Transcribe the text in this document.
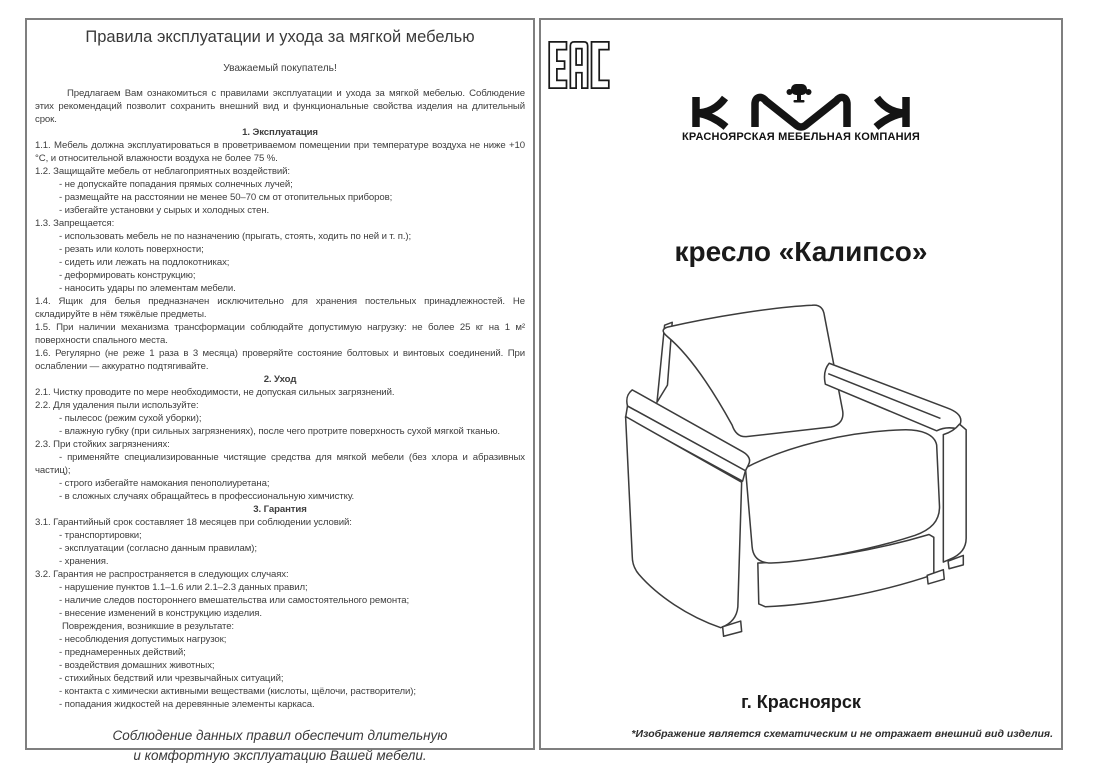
Правила эксплуатации и ухода за мягкой мебелью
Уважаемый покупатель!
Предлагаем Вам ознакомиться с правилами эксплуатации и ухода за мягкой мебелью. Соблюдение этих рекомендаций позволит сохранить внешний вид и функциональные свойства изделия на длительный срок.

1. Эксплуатация

1.1. Мебель должна эксплуатироваться в проветриваемом помещении при температуре воздуха не ниже +10 °С, и относительной влажности воздуха не более 75 %.

1.2. Защищайте мебель от неблагоприятных воздействий:

- не допускайте попадания прямых солнечных лучей;

- размещайте на расстоянии не менее 50–70 см от отопительных приборов;

- избегайте установки у сырых и холодных стен.

1.3. Запрещается:

- использовать мебель не по назначению (прыгать, стоять, ходить по ней и т. п.);

- резать или колоть поверхности;

- сидеть или лежать на подлокотниках;

- деформировать конструкцию;

- наносить удары по элементам мебели.

1.4. Ящик для белья предназначен исключительно для хранения постельных принадлежностей. Не складируйте в нём тяжёлые предметы.

1.5. При наличии механизма трансформации соблюдайте допустимую нагрузку: не более 25 кг на 1 м² поверхности спального места.

1.6. Регулярно (не реже 1 раза в 3 месяца) проверяйте состояние болтовых и винтовых соединений. При ослаблении — аккуратно подтягивайте.

2. Уход

2.1. Чистку проводите по мере необходимости, не допуская сильных загрязнений.

2.2. Для удаления пыли используйте:

- пылесос (режим сухой уборки);

- влажную губку (при сильных загрязнениях), после чего протрите поверхность сухой мягкой тканью.

2.3. При стойких загрязнениях:

- применяйте специализированные чистящие средства для мягкой мебели (без хлора и абразивных частиц);

- строго избегайте намокания пенополиуретана;

- в сложных случаях обращайтесь в профессиональную химчистку.

3. Гарантия

3.1. Гарантийный срок составляет 18 месяцев при соблюдении условий:

- транспортировки;

- эксплуатации (согласно данным правилам);

- хранения.

3.2. Гарантия не распространяется в следующих случаях:

- нарушение пунктов 1.1–1.6 или 2.1–2.3 данных правил;

- наличие следов постороннего вмешательства или самостоятельного ремонта;

- внесение изменений в конструкцию изделия.

Повреждения, возникшие в результате:

- несоблюдения допустимых нагрузок;

- преднамеренных действий;

- воздействия домашних животных;

- стихийных бедствий или чрезвычайных ситуаций;

- контакта с химически активными веществами (кислоты, щёлочи, растворители);

- попадания жидкостей на деревянные элементы каркаса.

Соблюдение данных правил обеспечит длительную
и комфортную эксплуатацию Вашей мебели.
КРАСНОЯРСКАЯ МЕБЕЛЬНАЯ КОМПАНИЯ
кресло «Калипсо»
г. Красноярск
*Изображение является схематическим и не отражает внешний вид изделия.
